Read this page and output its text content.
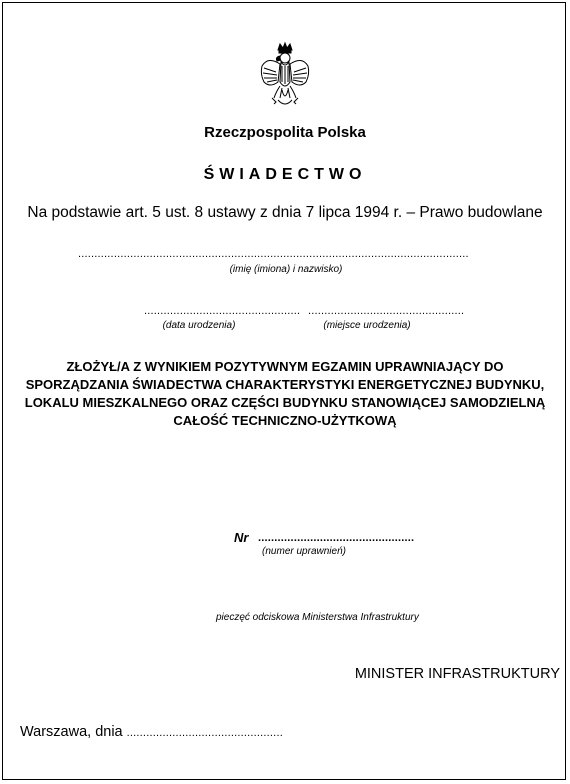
Rzeczpospolita Polska
ŚWIADECTWO
Na podstawie art. 5 ust. 8 ustawy z dnia 7 lipca 1994 r. – Prawo budowlane
........................................................................................................................
(imię (imiona) i nazwisko)
................................................
(data urodzenia)
................................................
(miejsce urodzenia)
ZŁOŻYŁ/A Z WYNIKIEM POZYTYWNYM EGZAMIN UPRAWNIAJĄCY DO
SPORZĄDZANIA ŚWIADECTWA CHARAKTERYSTYKI ENERGETYCZNEJ BUDYNKU,
LOKALU MIESZKALNEGO ORAZ CZĘŚCI BUDYNKU STANOWIĄCEJ SAMODZIELNĄ
CAŁOŚĆ TECHNICZNO-UŻYTKOWĄ
Nr ................................................
(numer uprawnień)
pieczęć odciskowa Ministerstwa Infrastruktury
MINISTER INFRASTRUKTURY
Warszawa, dnia ................................................
